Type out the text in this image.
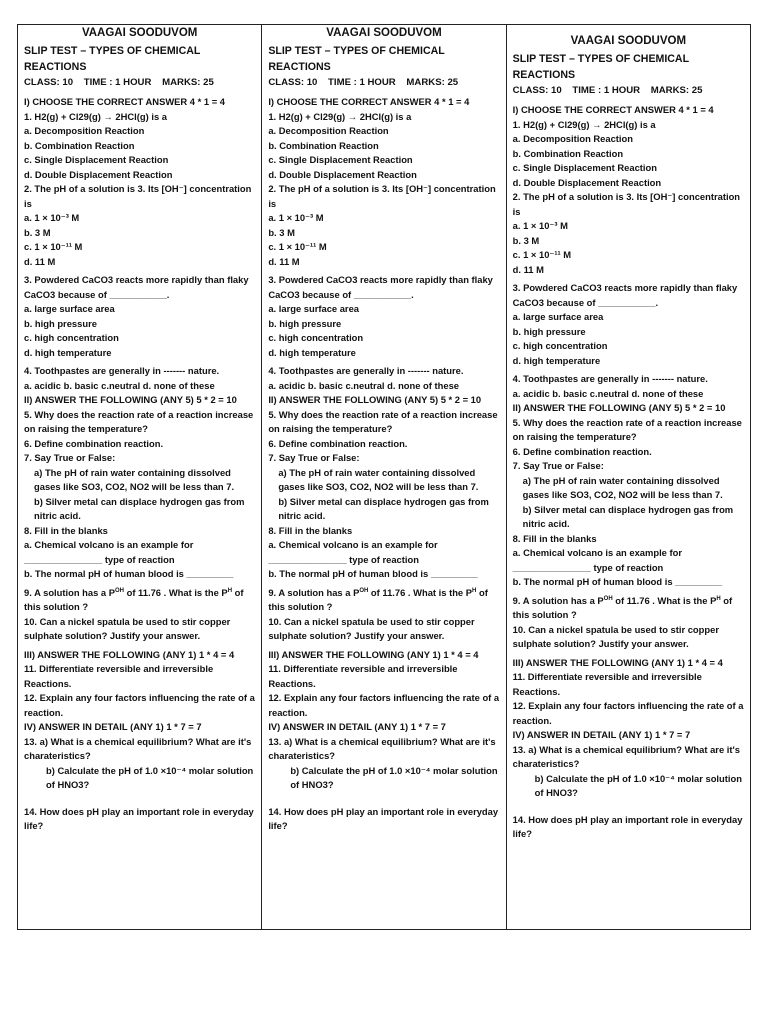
VAAGAI SOODUVOM
SLIP TEST – TYPES OF CHEMICAL REACTIONS
CLASS: 10 TIME : 1 HOUR MARKS: 25
I) CHOOSE THE CORRECT ANSWER 4 * 1 = 4
1. H2(g) + Cl29(g) → 2HCl(g) is a
a. Decomposition Reaction
b. Combination Reaction
c. Single Displacement Reaction
d. Double Displacement Reaction
2. The pH of a solution is 3. Its [OH⁻] concentration is
a. 1 × 10⁻³ M
b. 3 M
c. 1 × 10⁻¹¹ M
d. 11 M
3. Powdered CaCO3 reacts more rapidly than flaky CaCO3 because of ___________.
a. large surface area
b. high pressure
c. high concentration
d. high temperature
4. Toothpastes are generally in ------- nature.
a. acidic b. basic c.neutral d. none of these
II) ANSWER THE FOLLOWING (ANY 5) 5 * 2 = 10
5. Why does the reaction rate of a reaction increase on raising the temperature?
6. Define combination reaction.
7. Say True or False:
a) The pH of rain water containing dissolved gases like SO3, CO2, NO2 will be less than 7.
b) Silver metal can displace hydrogen gas from nitric acid.
8. Fill in the blanks
a. Chemical volcano is an example for _______________ type of reaction
b. The normal pH of human blood is _________
9. A solution has a $P^{OH}$ of 11.76 . What is the $P^H$ of this solution ?
10. Can a nickel spatula be used to stir copper sulphate solution? Justify your answer.
III) ANSWER THE FOLLOWING (ANY 1) 1 * 4 = 4
11. Differentiate reversible and irreversible Reactions.
12. Explain any four factors influencing the rate of a reaction.
IV) ANSWER IN DETAIL (ANY 1) 1 * 7 = 7
13. a) What is a chemical equilibrium? What are it's charateristics?
b) Calculate the pH of 1.0 ×10⁻⁴ molar solution of HNO3?
14. How does pH play an important role in everyday life?
VAAGAI SOODUVOM
SLIP TEST – TYPES OF CHEMICAL REACTIONS
CLASS: 10 TIME : 1 HOUR MARKS: 25
I) CHOOSE THE CORRECT ANSWER 4 * 1 = 4
1. H2(g) + Cl29(g) → 2HCl(g) is a
a. Decomposition Reaction
b. Combination Reaction
c. Single Displacement Reaction
d. Double Displacement Reaction
2. The pH of a solution is 3. Its [OH⁻] concentration is
a. 1 × 10⁻³ M
b. 3 M
c. 1 × 10⁻¹¹ M
d. 11 M
3. Powdered CaCO3 reacts more rapidly than flaky CaCO3 because of ___________.
a. large surface area
b. high pressure
c. high concentration
d. high temperature
4. Toothpastes are generally in ------- nature.
a. acidic b. basic c.neutral d. none of these
II) ANSWER THE FOLLOWING (ANY 5) 5 * 2 = 10
5. Why does the reaction rate of a reaction increase on raising the temperature?
6. Define combination reaction.
7. Say True or False:
a) The pH of rain water containing dissolved gases like SO3, CO2, NO2 will be less than 7.
b) Silver metal can displace hydrogen gas from nitric acid.
8. Fill in the blanks
a. Chemical volcano is an example for _______________ type of reaction
b. The normal pH of human blood is _________
9. A solution has a $P^{OH}$ of 11.76 . What is the $P^H$ of this solution ?
10. Can a nickel spatula be used to stir copper sulphate solution? Justify your answer.
III) ANSWER THE FOLLOWING (ANY 1) 1 * 4 = 4
11. Differentiate reversible and irreversible Reactions.
12. Explain any four factors influencing the rate of a reaction.
IV) ANSWER IN DETAIL (ANY 1) 1 * 7 = 7
13. a) What is a chemical equilibrium? What are it's charateristics?
b) Calculate the pH of 1.0 ×10⁻⁴ molar solution of HNO3?
14. How does pH play an important role in everyday life?
VAAGAI SOODUVOM
SLIP TEST – TYPES OF CHEMICAL REACTIONS
CLASS: 10 TIME : 1 HOUR MARKS: 25
I) CHOOSE THE CORRECT ANSWER 4 * 1 = 4
1. H2(g) + Cl29(g) → 2HCl(g) is a
a. Decomposition Reaction
b. Combination Reaction
c. Single Displacement Reaction
d. Double Displacement Reaction
2. The pH of a solution is 3. Its [OH⁻] concentration is
a. 1 × 10⁻³ M
b. 3 M
c. 1 × 10⁻¹¹ M
d. 11 M
3. Powdered CaCO3 reacts more rapidly than flaky CaCO3 because of ___________.
a. large surface area
b. high pressure
c. high concentration
d. high temperature
4. Toothpastes are generally in ------- nature.
a. acidic b. basic c.neutral d. none of these
II) ANSWER THE FOLLOWING (ANY 5) 5 * 2 = 10
5. Why does the reaction rate of a reaction increase on raising the temperature?
6. Define combination reaction.
7. Say True or False:
a) The pH of rain water containing dissolved gases like SO3, CO2, NO2 will be less than 7.
b) Silver metal can displace hydrogen gas from nitric acid.
8. Fill in the blanks
a. Chemical volcano is an example for _______________ type of reaction
b. The normal pH of human blood is _________
9. A solution has a $P^{OH}$ of 11.76 . What is the $P^H$ of this solution ?
10. Can a nickel spatula be used to stir copper sulphate solution? Justify your answer.
III) ANSWER THE FOLLOWING (ANY 1) 1 * 4 = 4
11. Differentiate reversible and irreversible Reactions.
12. Explain any four factors influencing the rate of a reaction.
IV) ANSWER IN DETAIL (ANY 1) 1 * 7 = 7
13. a) What is a chemical equilibrium? What are it's charateristics?
b) Calculate the pH of 1.0 ×10⁻⁴ molar solution of HNO3?
14. How does pH play an important role in everyday life?
